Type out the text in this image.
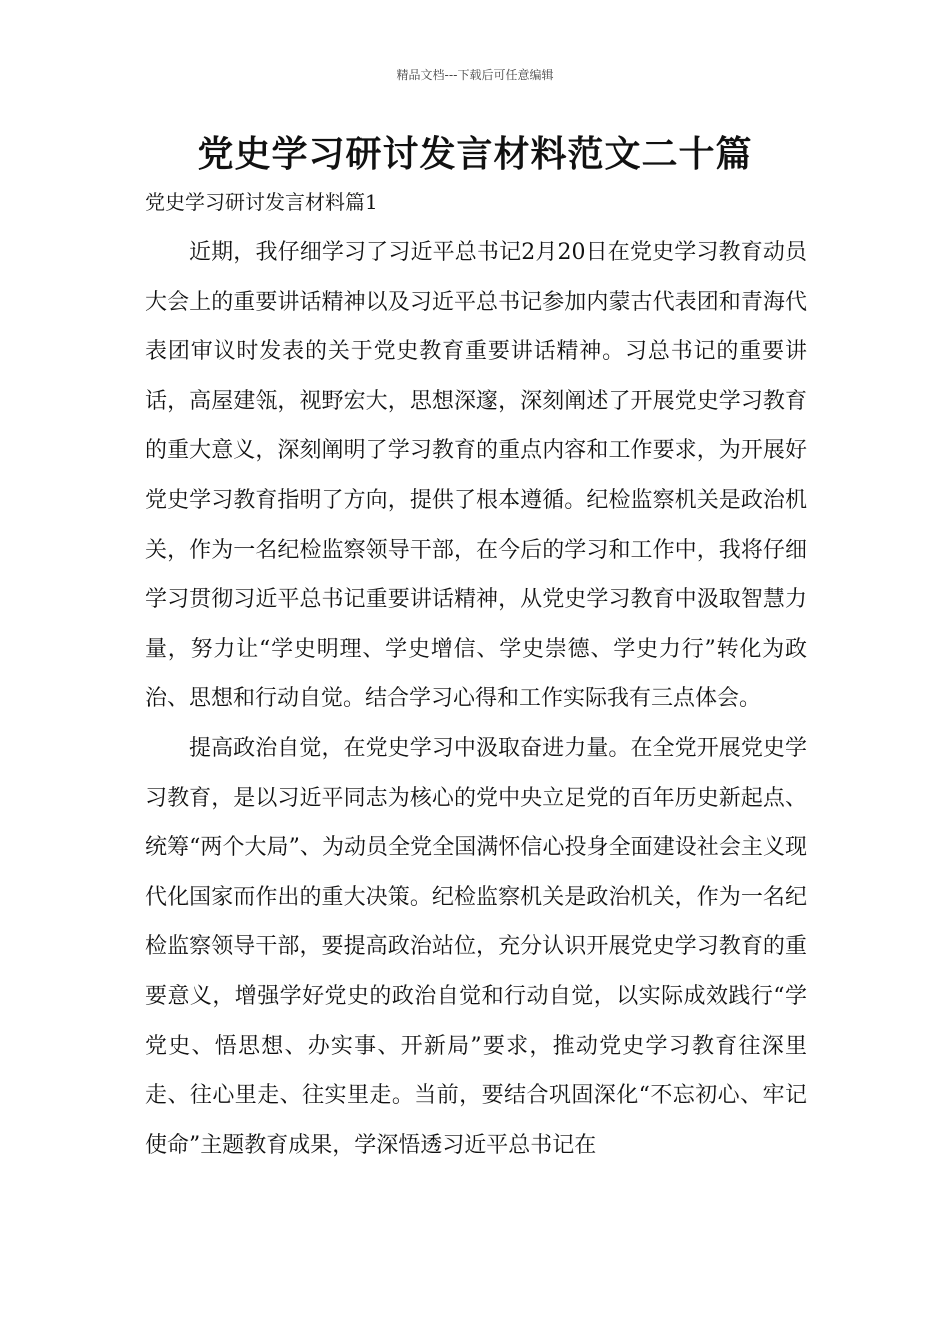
精品文档---下载后可任意编辑
党史学习研讨发言材料范文二十篇
党史学习研讨发言材料篇1

近期，我仔细学习了习近平总书记2月20日在党史学习教育动员大会上的重要讲话精神以及习近平总书记参加内蒙古代表团和青海代表团审议时发表的关于党史教育重要讲话精神。习总书记的重要讲话，高屋建瓴，视野宏大，思想深邃，深刻阐述了开展党史学习教育的重大意义，深刻阐明了学习教育的重点内容和工作要求，为开展好党史学习教育指明了方向，提供了根本遵循。纪检监察机关是政治机关，作为一名纪检监察领导干部，在今后的学习和工作中，我将仔细学习贯彻习近平总书记重要讲话精神，从党史学习教育中汲取智慧力量，努力让“学史明理、学史增信、学史崇德、学史力行”转化为政治、思想和行动自觉。结合学习心得和工作实际我有三点体会。

提高政治自觉，在党史学习中汲取奋进力量。在全党开展党史学习教育，是以习近平同志为核心的党中央立足党的百年历史新起点、统筹“两个大局”、为动员全党全国满怀信心投身全面建设社会主义现代化国家而作出的重大决策。纪检监察机关是政治机关，作为一名纪检监察领导干部，要提高政治站位，充分认识开展党史学习教育的重要意义，增强学好党史的政治自觉和行动自觉，以实际成效践行“学党史、悟思想、办实事、开新局”要求，推动党史学习教育往深里走、往心里走、往实里走。当前，要结合巩固深化“不忘初心、牢记使命”主题教育成果，学深悟透习近平总书记在
